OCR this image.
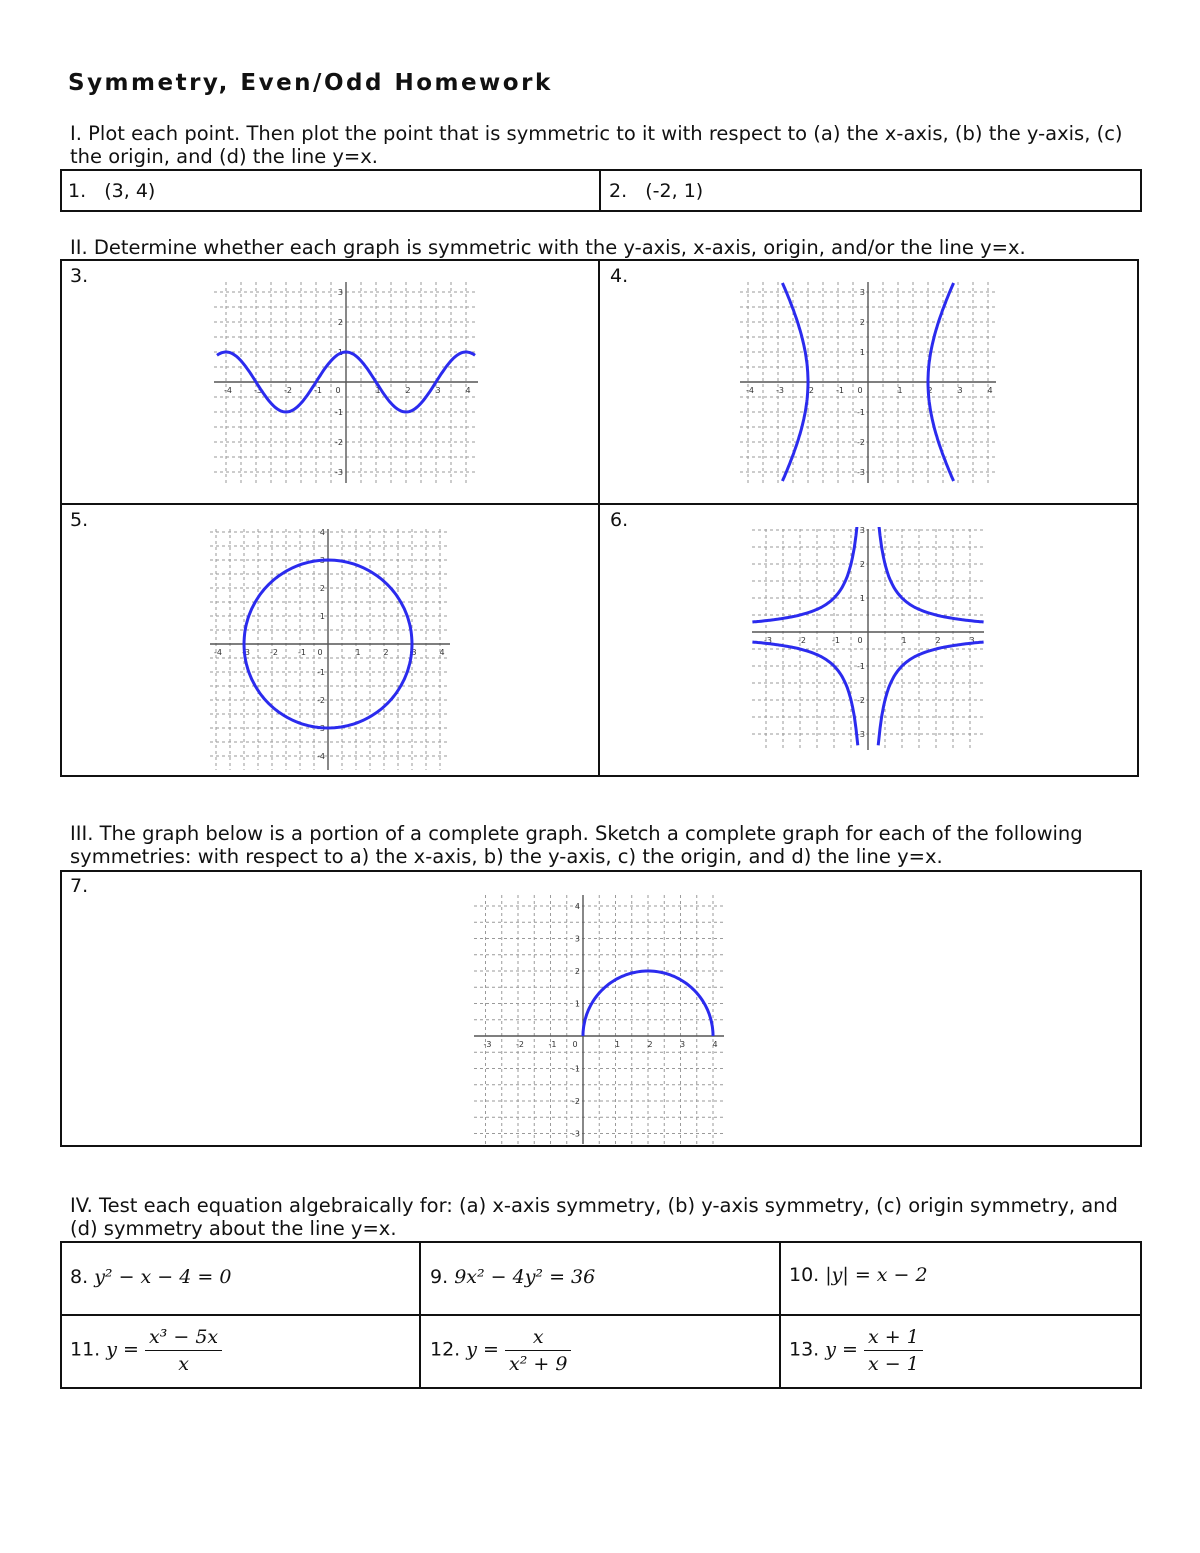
Symmetry, Even/Odd Homework
I. Plot each point. Then plot the point that is symmetric to it with respect to (a) the x-axis, (b) the y-axis, (c) the origin, and (d) the line y=x.
1. (3, 4)	2. (-2, 1)
II. Determine whether each graph is symmetric with the y-axis, x-axis, origin, and/or the line y=x.
3.	4.
5.	6.
-4	-3	-2	-1 0	1	2	3	4
3
2
1
-1
-2
-3
-4	-3	-2	-1 0	1	2	3	4
3
2
1
-1
-2
-3
-4	-3	-2	-1 0	1	2	3	4
4
3
2
1
-1
-2
-3
-4
-3	-2	-1 0	1	2	3
3
2
1
-1
-2
-3
III. The graph below is a portion of a complete graph. Sketch a complete graph for each of the following symmetries: with respect to a) the x-axis, b) the y-axis, c) the origin, and d) the line y=x.
7.
-3	-2	-1 0	1	2	3	4
4
3
2
1
-1
-2
-3
IV. Test each equation algebraically for: (a) x-axis symmetry, (b) y-axis symmetry, (c) origin symmetry, and (d) symmetry about the line y=x.
8. y² − x − 4 = 0	9. 9x² − 4y² = 36	10. |y| = x − 2
11. $y = \frac{\text{x³ − 5x}}{x}$	12. $y = \frac{x}{\text{x² + 9}}$	13. $y = \frac{x + 1}{x - 1}$
